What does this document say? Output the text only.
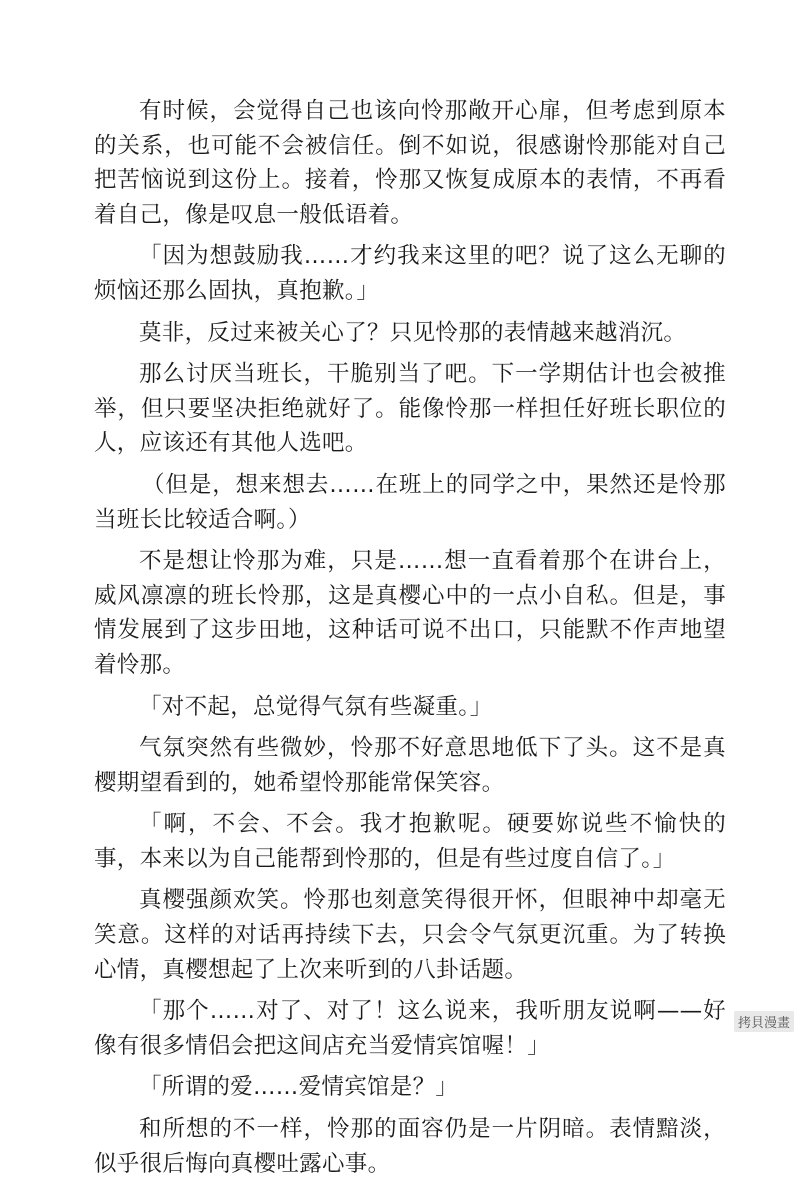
有时候，会觉得自己也该向怜那敞开心扉，但考虑到原本的关系，也可能不会被信任。倒不如说，很感谢怜那能对自己把苦恼说到这份上。接着，怜那又恢复成原本的表情，不再看着自己，像是叹息一般低语着。

「因为想鼓励我……才约我来这里的吧？说了这么无聊的烦恼还那么固执，真抱歉。」

莫非，反过来被关心了？只见怜那的表情越来越消沉。

那么讨厌当班长，干脆别当了吧。下一学期估计也会被推举，但只要坚决拒绝就好了。能像怜那一样担任好班长职位的人，应该还有其他人选吧。

（但是，想来想去……在班上的同学之中，果然还是怜那当班长比较适合啊。）

不是想让怜那为难，只是……想一直看着那个在讲台上，威风凛凛的班长怜那，这是真樱心中的一点小自私。但是，事情发展到了这步田地，这种话可说不出口，只能默不作声地望着怜那。

「对不起，总觉得气氛有些凝重。」

气氛突然有些微妙，怜那不好意思地低下了头。这不是真樱期望看到的，她希望怜那能常保笑容。

「啊，不会、不会。我才抱歉呢。硬要妳说些不愉快的事，本来以为自己能帮到怜那的，但是有些过度自信了。」

真樱强颜欢笑。怜那也刻意笑得很开怀，但眼神中却毫无笑意。这样的对话再持续下去，只会令气氛更沉重。为了转换心情，真樱想起了上次来听到的八卦话题。

「那个……对了、对了！这么说来，我听朋友说啊——好像有很多情侣会把这间店充当爱情宾馆喔！」

「所谓的爱……爱情宾馆是？」

和所想的不一样，怜那的面容仍是一片阴暗。表情黯淡，似乎很后悔向真樱吐露心事。

拷貝漫畫
